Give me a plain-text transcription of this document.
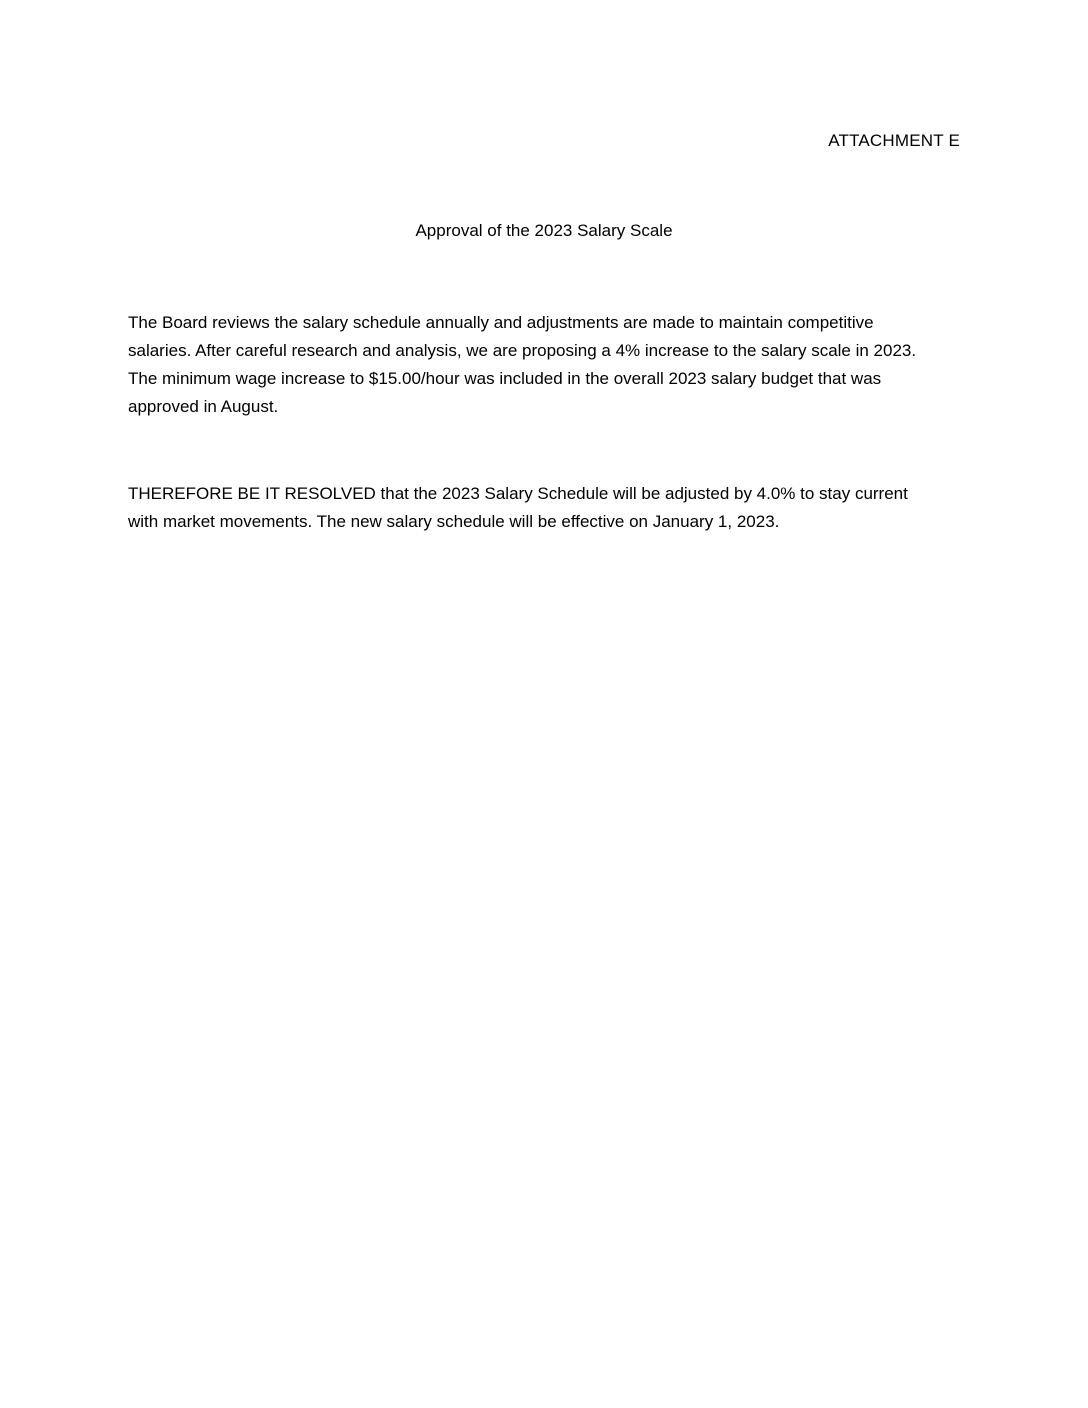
ATTACHMENT E
Approval of the 2023 Salary Scale
The Board reviews the salary schedule annually and adjustments are made to maintain competitive
salaries. After careful research and analysis, we are proposing a 4% increase to the salary scale in 2023.
The minimum wage increase to $15.00/hour was included in the overall 2023 salary budget that was
approved in August.
THEREFORE BE IT RESOLVED that the 2023 Salary Schedule will be adjusted by 4.0% to stay current
with market movements. The new salary schedule will be effective on January 1, 2023.
